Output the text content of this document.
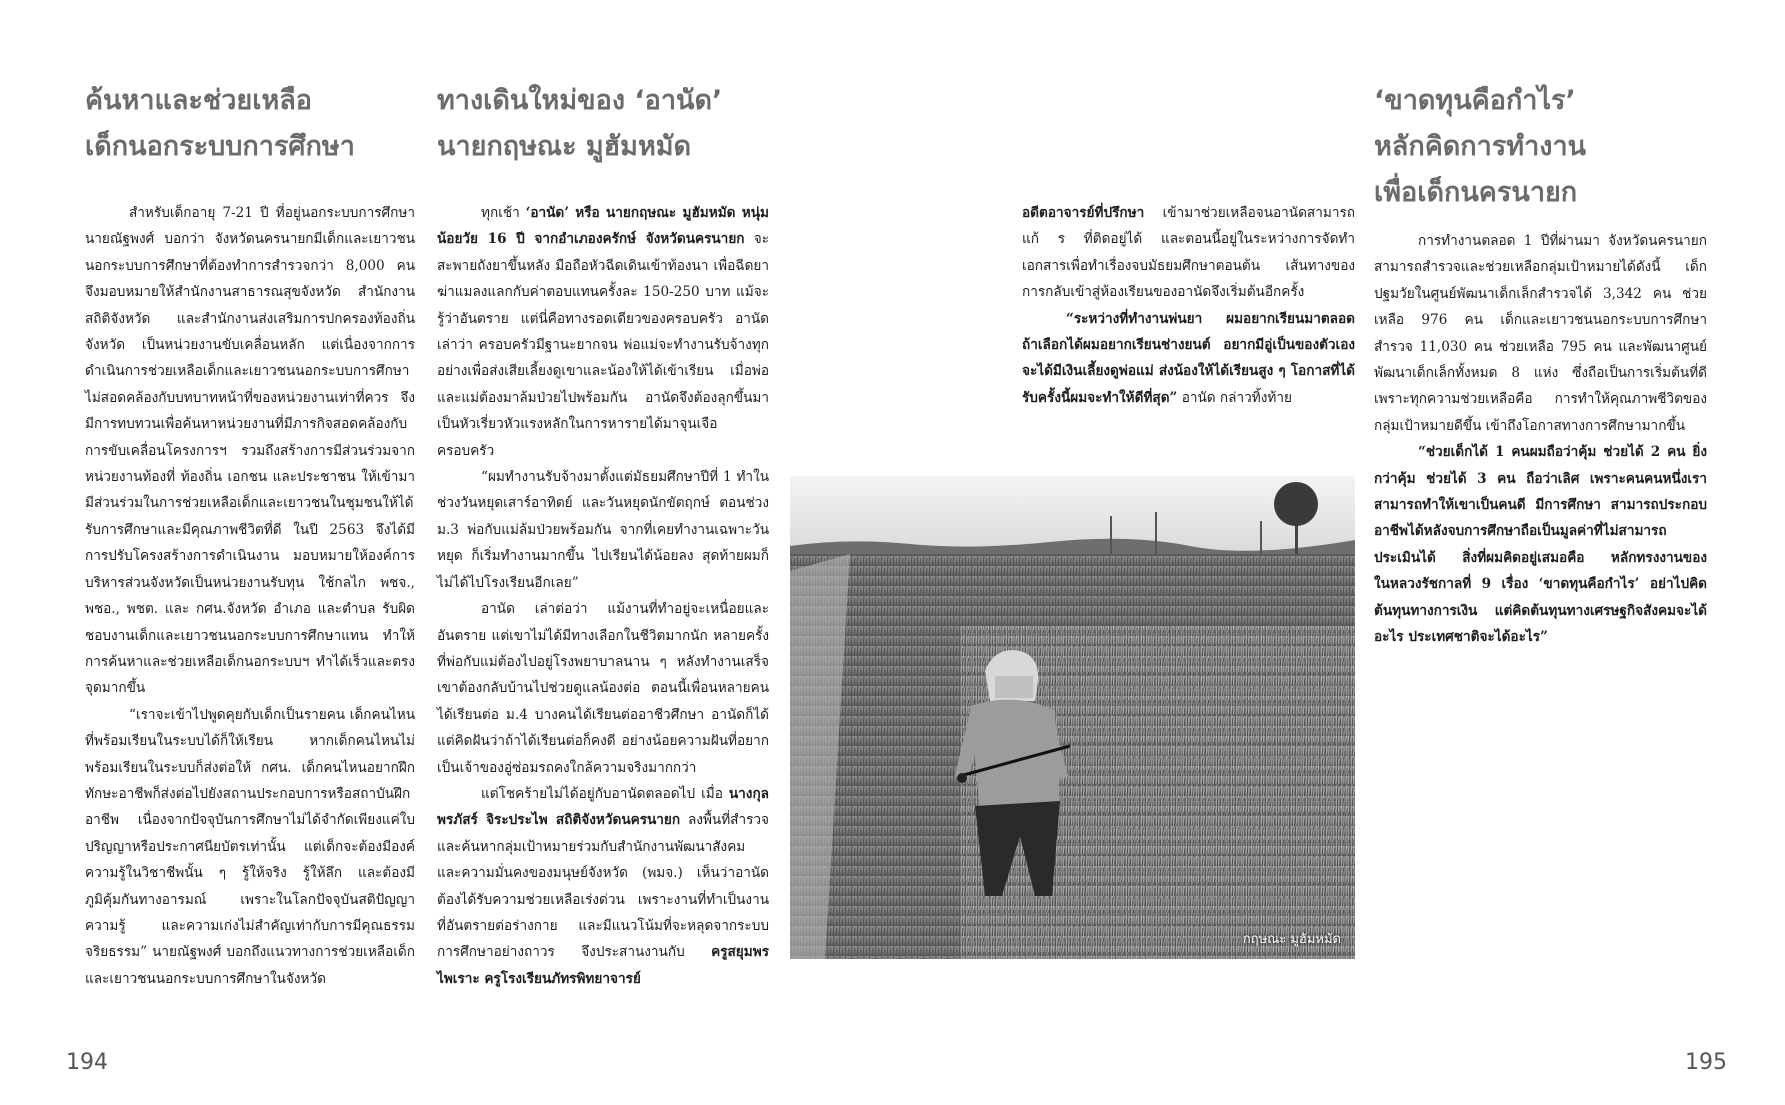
ค้นหาและช่วยเหลือ
เด็กนอกระบบการศึกษา

สำหรับเด็กอายุ 7-21 ปี ที่อยู่นอกระบบการศึกษา นายณัฐพงศ์ บอกว่า จังหวัดนครนายกมีเด็กและเยาวชนนอกระบบการศึกษาที่ต้องทำการสำรวจกว่า 8,000 คน จึงมอบหมายให้สำนักงานสาธารณสุขจังหวัด สำนักงานสถิติจังหวัด และสำนักงานส่งเสริมการปกครองท้องถิ่นจังหวัด เป็นหน่วยงานขับเคลื่อนหลัก แต่เนื่องจากการดำเนินการช่วยเหลือเด็กและเยาวชนนอกระบบการศึกษาไม่สอดคล้องกับบทบาทหน้าที่ของหน่วยงานเท่าที่ควร จึงมีการทบทวนเพื่อค้นหาหน่วยงานที่มีภารกิจสอดคล้องกับการขับเคลื่อนโครงการฯ รวมถึงสร้างการมีส่วนร่วมจากหน่วยงานท้องที่ ท้องถิ่น เอกชน และประชาชน ให้เข้ามามีส่วนร่วมในการช่วยเหลือเด็กและเยาวชนในชุมชนให้ได้รับการศึกษาและมีคุณภาพชีวิตที่ดี ในปี 2563 จึงได้มีการปรับโครงสร้างการดำเนินงาน มอบหมายให้องค์การบริหารส่วนจังหวัดเป็นหน่วยงานรับทุน ใช้กลไก พชจ., พชอ., พชต. และ กศน.จังหวัด อำเภอ และตำบล รับผิดชอบงานเด็กและเยาวชนนอกระบบการศึกษาแทน ทำให้การค้นหาและช่วยเหลือเด็กนอกระบบฯ ทำได้เร็วและตรงจุดมากขึ้น

“เราจะเข้าไปพูดคุยกับเด็กเป็นรายคน เด็กคนไหนที่พร้อมเรียนในระบบได้ก็ให้เรียน หากเด็กคนไหนไม่พร้อมเรียนในระบบก็ส่งต่อให้ กศน. เด็กคนไหนอยากฝึกทักษะอาชีพก็ส่งต่อไปยังสถานประกอบการหรือสถาบันฝึกอาชีพ เนื่องจากปัจจุบันการศึกษาไม่ได้จำกัดเพียงแค่ใบปริญญาหรือประกาศนียบัตรเท่านั้น แต่เด็กจะต้องมีองค์ความรู้ในวิชาชีพนั้น ๆ รู้ให้จริง รู้ให้ลึก และต้องมีภูมิคุ้มกันทางอารมณ์ เพราะในโลกปัจจุบันสติปัญญา ความรู้ และความเก่งไม่สำคัญเท่ากับการมีคุณธรรมจริยธรรม” นายณัฐพงศ์ บอกถึงแนวทางการช่วยเหลือเด็กและเยาวชนนอกระบบการศึกษาในจังหวัด

ทางเดินใหม่ของ ‘อานัด’
นายกฤษณะ มูฮัมหมัด

ทุกเช้า ‘อานัด’ หรือ นายกฤษณะ มูฮัมหมัด หนุ่มน้อยวัย 16 ปี จากอำเภองครักษ์ จังหวัดนครนายก จะสะพายถังยาขึ้นหลัง มือถือหัวฉีดเดินเข้าท้องนา เพื่อฉีดยาฆ่าแมลงแลกกับค่าตอบแทนครั้งละ 150-250 บาท แม้จะรู้ว่าอันตราย แต่นี่คือทางรอดเดียวของครอบครัว อานัด เล่าว่า ครอบครัวมีฐานะยากจน พ่อแม่จะทำงานรับจ้างทุกอย่างเพื่อส่งเสียเลี้ยงดูเขาและน้องให้ได้เข้าเรียน เมื่อพ่อและแม่ต้องมาล้มป่วยไปพร้อมกัน อานัดจึงต้องลุกขึ้นมาเป็นหัวเรี่ยวหัวแรงหลักในการหารายได้มาจุนเจือครอบครัว

“ผมทำงานรับจ้างมาตั้งแต่มัธยมศึกษาปีที่ 1 ทำในช่วงวันหยุดเสาร์อาทิตย์ และวันหยุดนักขัตฤกษ์ ตอนช่วง ม.3 พ่อกับแม่ล้มป่วยพร้อมกัน จากที่เคยทำงานเฉพาะวันหยุด ก็เริ่มทำงานมากขึ้น ไปเรียนได้น้อยลง สุดท้ายผมก็ไม่ได้ไปโรงเรียนอีกเลย”

อานัด เล่าต่อว่า แม้งานที่ทำอยู่จะเหนื่อยและอันตราย แต่เขาไม่ได้มีทางเลือกในชีวิตมากนัก หลายครั้งที่พ่อกับแม่ต้องไปอยู่โรงพยาบาลนาน ๆ หลังทำงานเสร็จเขาต้องกลับบ้านไปช่วยดูแลน้องต่อ ตอนนี้เพื่อนหลายคนได้เรียนต่อ ม.4 บางคนได้เรียนต่ออาชีวศึกษา อานัดก็ได้แต่คิดฝันว่าถ้าได้เรียนต่อก็คงดี อย่างน้อยความฝันที่อยากเป็นเจ้าของอู่ซ่อมรถคงใกล้ความจริงมากกว่า

แต่โชคร้ายไม่ได้อยู่กับอานัดตลอดไป เมื่อ นางกุลพรภัสร์ จิระประไพ สถิติจังหวัดนครนายก ลงพื้นที่สำรวจและค้นหากลุ่มเป้าหมายร่วมกับสำนักงานพัฒนาสังคมและความมั่นคงของมนุษย์จังหวัด (พมจ.) เห็นว่าอานัดต้องได้รับความช่วยเหลือเร่งด่วน เพราะงานที่ทำเป็นงานที่อันตรายต่อร่างกาย และมีแนวโน้มที่จะหลุดจากระบบการศึกษาอย่างถาวร จึงประสานงานกับ ครูสยุมพร ไพเราะ ครูโรงเรียนภัทรพิทยาจารย์

194

อดีตอาจารย์ที่ปรึกษา เข้ามาช่วยเหลือจนอานัดสามารถแก้ ร ที่ติดอยู่ได้ และตอนนี้อยู่ในระหว่างการจัดทำเอกสารเพื่อทำเรื่องจบมัธยมศึกษาตอนต้น เส้นทางของการกลับเข้าสู่ห้องเรียนของอานัดจึงเริ่มต้นอีกครั้ง

“ระหว่างที่ทำงานพ่นยา ผมอยากเรียนมาตลอด ถ้าเลือกได้ผมอยากเรียนช่างยนต์ อยากมีอู่เป็นของตัวเอง จะได้มีเงินเลี้ยงดูพ่อแม่ ส่งน้องให้ได้เรียนสูง ๆ โอกาสที่ได้รับครั้งนี้ผมจะทำให้ดีที่สุด” อานัด กล่าวทิ้งท้าย

กฤษณะ มูฮัมหมัด
‘ขาดทุนคือกำไร’
หลักคิดการทำงาน
เพื่อเด็กนครนายก

การทำงานตลอด 1 ปีที่ผ่านมา จังหวัดนครนายกสามารถสำรวจและช่วยเหลือกลุ่มเป้าหมายได้ดังนี้ เด็กปฐมวัยในศูนย์พัฒนาเด็กเล็กสำรวจได้ 3,342 คน ช่วยเหลือ 976 คน เด็กและเยาวชนนอกระบบการศึกษา สำรวจ 11,030 คน ช่วยเหลือ 795 คน และพัฒนาศูนย์พัฒนาเด็กเล็กทั้งหมด 8 แห่ง ซึ่งถือเป็นการเริ่มต้นที่ดี เพราะทุกความช่วยเหลือคือ การทำให้คุณภาพชีวิตของกลุ่มเป้าหมายดีขึ้น เข้าถึงโอกาสทางการศึกษามากขึ้น

“ช่วยเด็กได้ 1 คนผมถือว่าคุ้ม ช่วยได้ 2 คน ยิ่งกว่าคุ้ม ช่วยได้ 3 คน ถือว่าเลิศ เพราะคนคนหนึ่งเราสามารถทำให้เขาเป็นคนดี มีการศึกษา สามารถประกอบอาชีพได้หลังจบการศึกษาถือเป็นมูลค่าที่ไม่สามารถประเมินได้ สิ่งที่ผมคิดอยู่เสมอคือ หลักทรงงานของในหลวงรัชกาลที่ 9 เรื่อง ‘ขาดทุนคือกำไร’ อย่าไปคิดต้นทุนทางการเงิน แต่คิดต้นทุนทางเศรษฐกิจสังคมจะได้อะไร ประเทศชาติจะได้อะไร”

195
